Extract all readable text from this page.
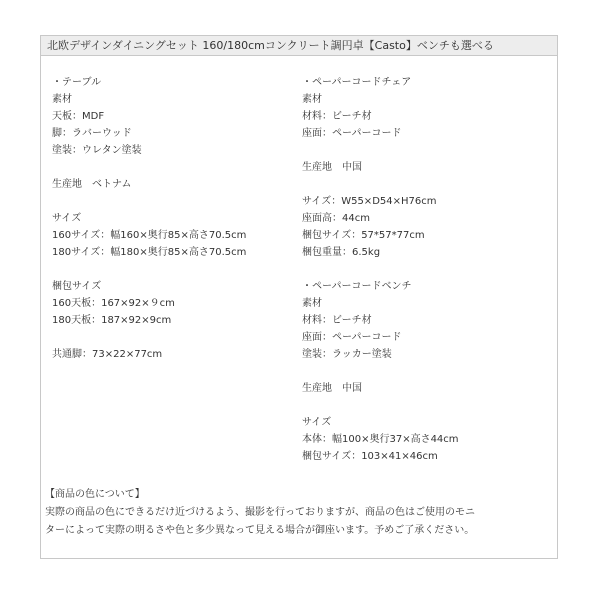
北欧デザインダイニングセット 160/180cmコンクリート調円卓【Casto】ベンチも選べる
・テーブル
素材
天板：MDF
脚：ラバーウッド
塗装：ウレタン塗装
生産地　ベトナム
サイズ
160サイズ：幅160×奥行85×高さ70.5cm
180サイズ：幅180×奥行85×高さ70.5cm
梱包サイズ
160天板：167×92×９cm
180天板：187×92×9cm
共通脚：73×22×77cm
・ペーパーコードチェア
素材
材料：ビーチ材
座面：ペーパーコード
生産地　中国
サイズ：W55×D54×H76cm
座面高：44cm
梱包サイズ：57*57*77cm
梱包重量：6.5kg
・ペーパーコードベンチ
素材
材料：ビーチ材
座面：ペーパーコード
塗装：ラッカー塗装
生産地　中国
サイズ
本体：幅100×奥行37×高さ44cm
梱包サイズ：103×41×46cm
【商品の色について】
実際の商品の色にできるだけ近づけるよう、撮影を行っておりますが、商品の色はご使用のモニ
ターによって実際の明るさや色と多少異なって見える場合が御座います。予めご了承ください。
